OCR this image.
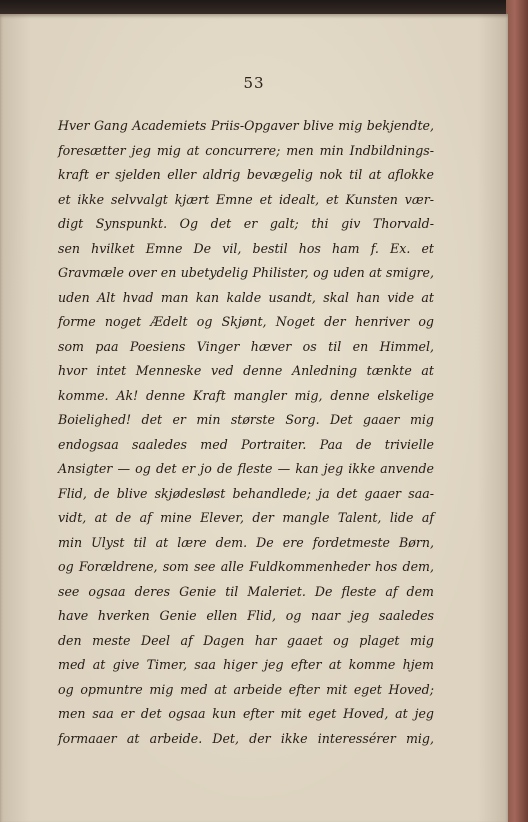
53
Hver Gang Academiets Priis-Opgaver blive mig bekjendte,
foresætter jeg mig at concurrere; men min Indbildnings-
kraft er sjelden eller aldrig bevægelig nok til at aflokke
et ikke selvvalgt kjært Emne et idealt, et Kunsten vær-
digt Synspunkt. Og det er galt; thi giv Thorvald-
sen hvilket Emne De vil, bestil hos ham f. Ex. et
Gravmæle over en ubetydelig Philister, og uden at smigre,
uden Alt hvad man kan kalde usandt, skal han vide at
forme noget Ædelt og Skjønt, Noget der henriver og
som paa Poesiens Vinger hæver os til en Himmel,
hvor intet Menneske ved denne Anledning tænkte at
komme. Ak! denne Kraft mangler mig, denne elskelige
Boielighed! det er min største Sorg. Det gaaer mig
endogsaa saaledes med Portraiter. Paa de trivielle
Ansigter — og det er jo de fleste — kan jeg ikke anvende
Flid, de blive skjødesløst behandlede; ja det gaaer saa-
vidt, at de af mine Elever, der mangle Talent, lide af
min Ulyst til at lære dem. De ere fordetmeste Børn,
og Forældrene, som see alle Fuldkommenheder hos dem,
see ogsaa deres Genie til Maleriet. De fleste af dem
have hverken Genie ellen Flid, og naar jeg saaledes
den meste Deel af Dagen har gaaet og plaget mig
med at give Timer, saa higer jeg efter at komme hjem
og opmuntre mig med at arbeide efter mit eget Hoved;
men saa er det ogsaa kun efter mit eget Hoved, at jeg
formaaer at arbeide. Det, der ikke interessérer mig,
